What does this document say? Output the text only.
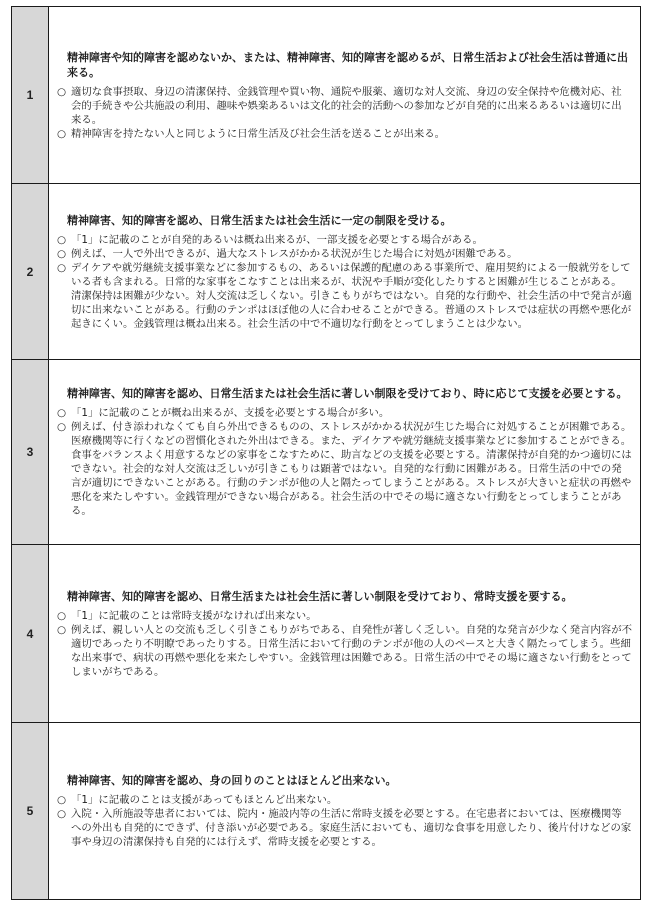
1
精神障害や知的障害を認めないか、または、精神障害、知的障害を認めるが、日常生活および社会生活は普通に出来る。
○ 適切な食事摂取、身辺の清潔保持、金銭管理や買い物、通院や服薬、適切な対人交流、身辺の安全保持や危機対応、社会的手続きや公共施設の利用、趣味や娯楽あるいは文化的社会的活動への参加などが自発的に出来るあるいは適切に出来る。
○ 精神障害を持たない人と同じように日常生活及び社会生活を送ることが出来る。
2
精神障害、知的障害を認め、日常生活または社会生活に一定の制限を受ける。
○ 「1」に記載のことが自発的あるいは概ね出来るが、一部支援を必要とする場合がある。
○ 例えば、一人で外出できるが、過大なストレスがかかる状況が生じた場合に対処が困難である。
○ デイケアや就労継続支援事業などに参加するもの、あるいは保護的配慮のある事業所で、雇用契約による一般就労をしている者も含まれる。日常的な家事をこなすことは出来るが、状況や手順が変化したりすると困難が生じることがある。清潔保持は困難が少ない。対人交流は乏しくない。引きこもりがちではない。自発的な行動や、社会生活の中で発言が適切に出来ないことがある。行動のテンポはほぼ他の人に合わせることができる。普通のストレスでは症状の再燃や悪化が起きにくい。金銭管理は概ね出来る。社会生活の中で不適切な行動をとってしまうことは少ない。
3
精神障害、知的障害を認め、日常生活または社会生活に著しい制限を受けており、時に応じて支援を必要とする。
○ 「1」に記載のことが概ね出来るが、支援を必要とする場合が多い。
○ 例えば、付き添われなくても自ら外出できるものの、ストレスがかかる状況が生じた場合に対処することが困難である。医療機関等に行くなどの習慣化された外出はできる。また、デイケアや就労継続支援事業などに参加することができる。食事をバランスよく用意するなどの家事をこなすために、助言などの支援を必要とする。清潔保持が自発的かつ適切にはできない。社会的な対人交流は乏しいが引きこもりは顕著ではない。自発的な行動に困難がある。日常生活の中での発言が適切にできないことがある。行動のテンポが他の人と隔たってしまうことがある。ストレスが大きいと症状の再燃や悪化を来たしやすい。金銭管理ができない場合がある。社会生活の中でその場に適さない行動をとってしまうことがある。
4
精神障害、知的障害を認め、日常生活または社会生活に著しい制限を受けており、常時支援を要する。
○ 「1」に記載のことは常時支援がなければ出来ない。
○ 例えば、親しい人との交流も乏しく引きこもりがちである、自発性が著しく乏しい。自発的な発言が少なく発言内容が不適切であったり不明瞭であったりする。日常生活において行動のテンポが他の人のペースと大きく隔たってしまう。些細な出来事で、病状の再燃や悪化を来たしやすい。金銭管理は困難である。日常生活の中でその場に適さない行動をとってしまいがちである。
5
精神障害、知的障害を認め、身の回りのことはほとんど出来ない。
○ 「1」に記載のことは支援があってもほとんど出来ない。
○ 入院・入所施設等患者においては、院内・施設内等の生活に常時支援を必要とする。在宅患者においては、医療機関等への外出も自発的にできず、付き添いが必要である。家庭生活においても、適切な食事を用意したり、後片付けなどの家事や身辺の清潔保持も自発的には行えず、常時支援を必要とする。
